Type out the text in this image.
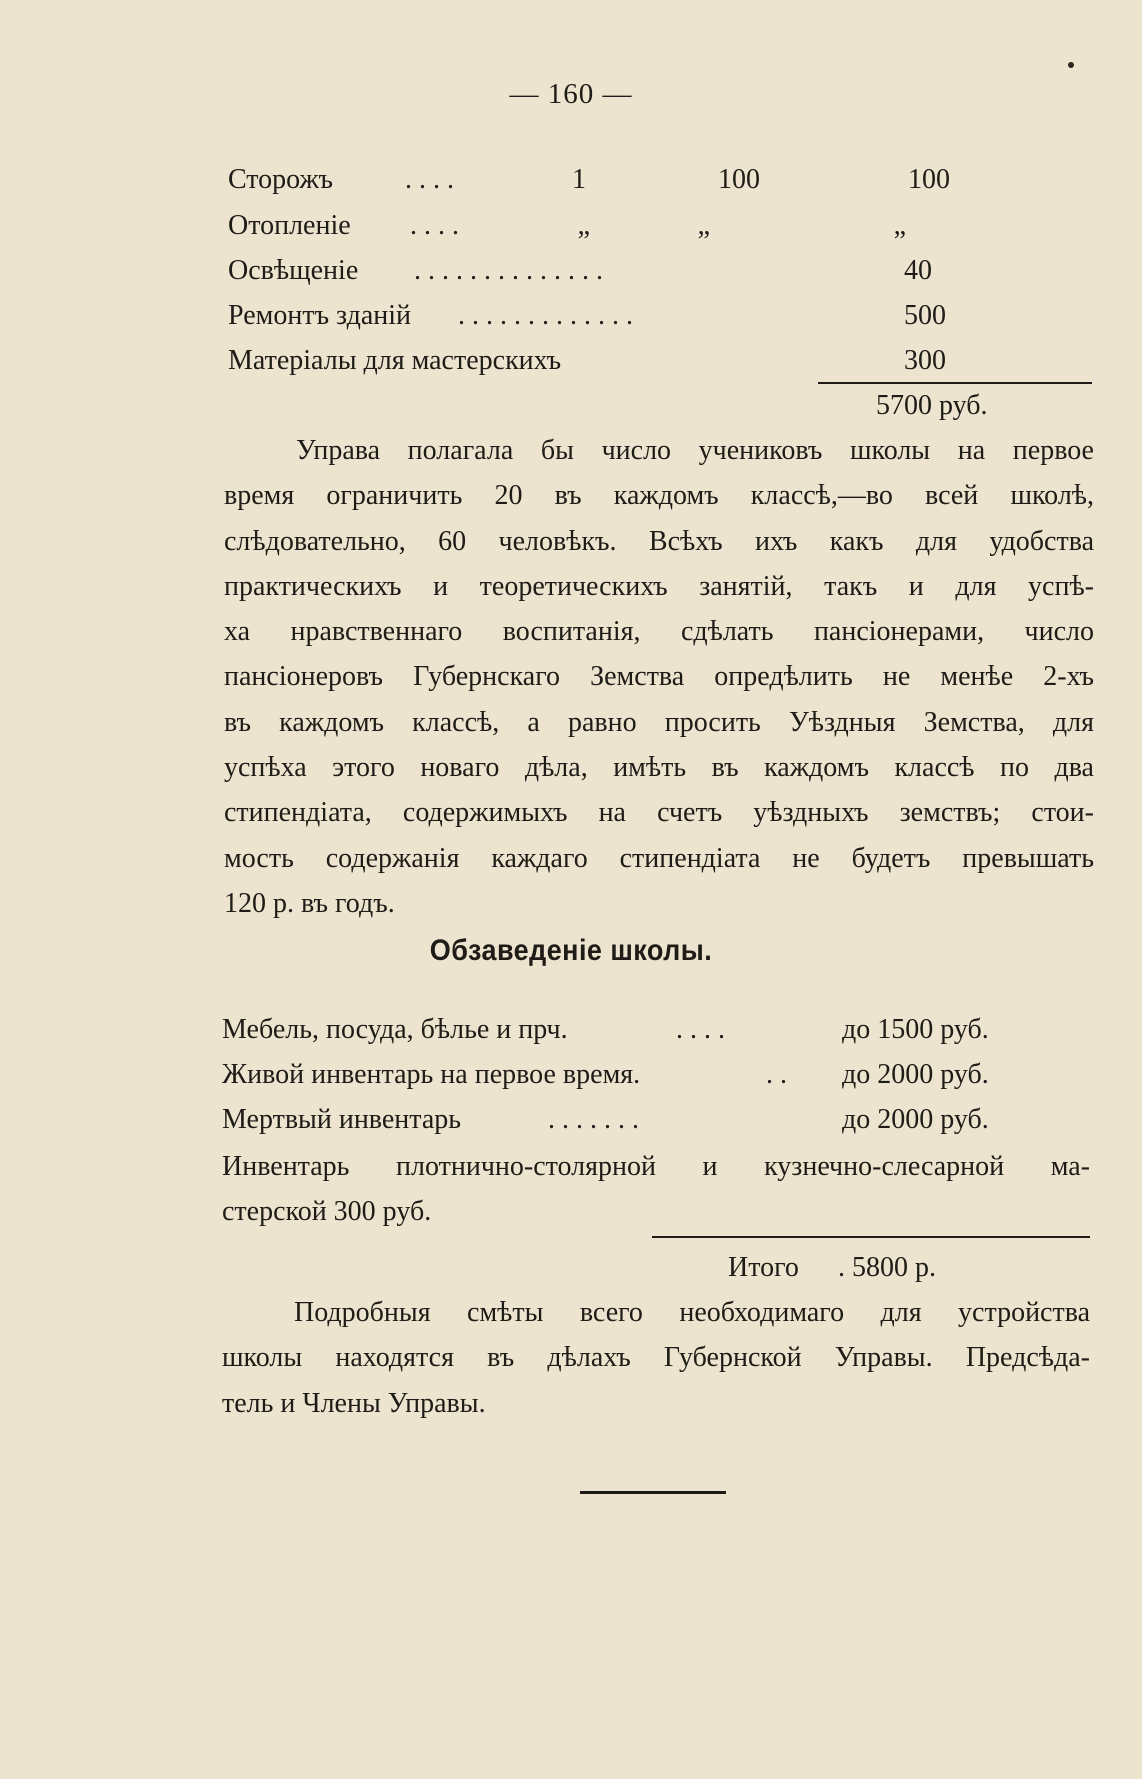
— 160 —
Сторожъ	. . . .	1	100	100
Отопленіе . . . .	„	„	„
Освѣщеніе . . . . . . . . . . . . . .	40
Ремонтъ зданій . . . . . . . . . . . . .	500
Матеріалы для мастерскихъ	300
5700 руб.
Управа полагала бы число учениковъ школы на первое
время ограничить 20 въ каждомъ классѣ,—во всей школѣ,
слѣдовательно, 60 человѣкъ. Всѣхъ ихъ какъ для удобства
практическихъ и теоретическихъ занятій, такъ и для успѣ-
ха нравственнаго воспитанія, сдѣлать пансіонерами, число
пансіонеровъ Губернскаго Земства опредѣлить не менѣе 2-хъ
въ каждомъ классѣ, а равно просить Уѣздныя Земства, для
успѣха этого новаго дѣла, имѣть въ каждомъ классѣ по два
стипендіата, содержимыхъ на счетъ уѣздныхъ земствъ; стои-
мость содержанія каждаго стипендіата не будетъ превышать
120 р. въ годъ.
Обзаведеніе школы.
Мебель, посуда, бѣлье и прч.	. . . .	до 1500 руб.
Живой инвентарь на первое время.	. . до 2000 руб.
Мертвый инвентарь	. . . . . . .	до 2000 руб.
Инвентарь плотнично-столярной и кузнечно-слесарной ма-
стерской 300 руб.
Итого . 5800 р.
Подробныя смѣты всего необходимаго для устройства
школы находятся въ дѣлахъ Губернской Управы. Предсѣда-
тель и Члены Управы.
